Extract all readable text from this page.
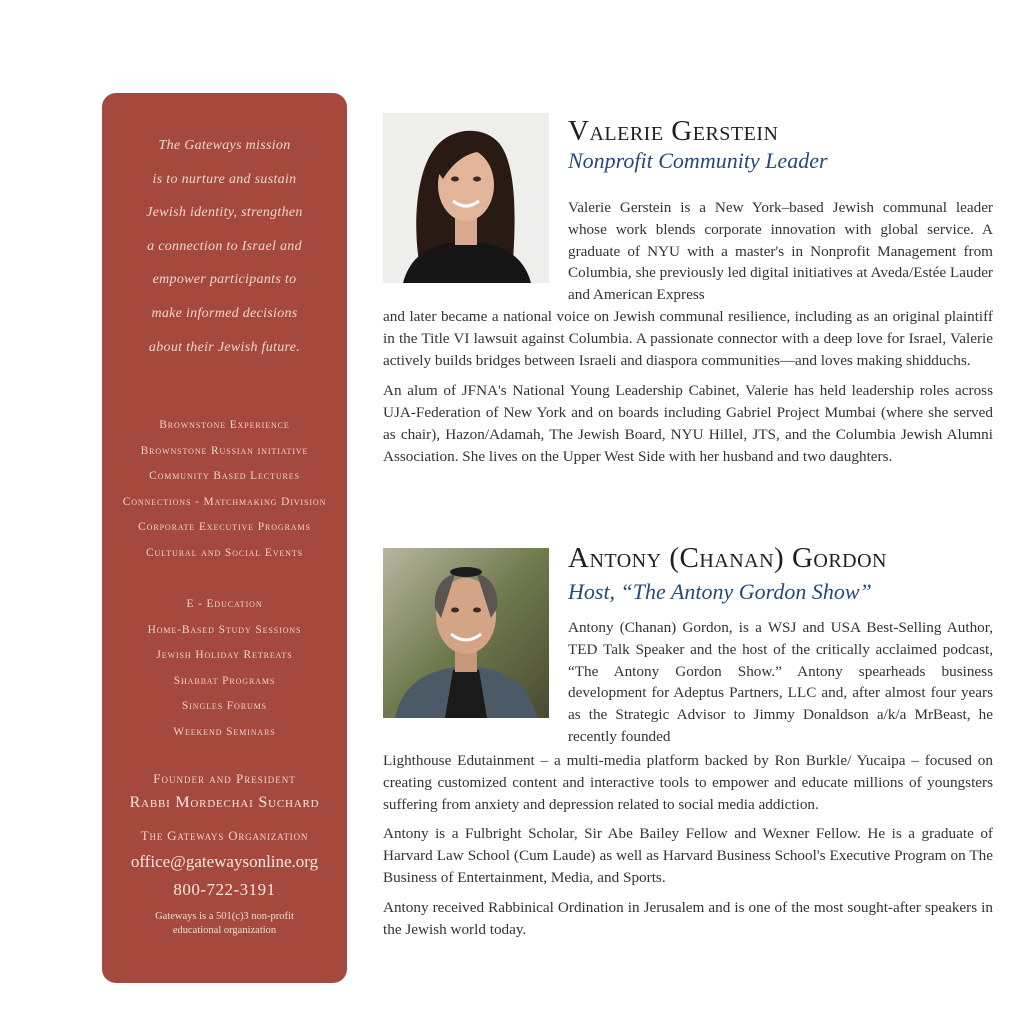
The Gateways mission
is to nurture and sustain
Jewish identity, strengthen
a connection to Israel and
empower participants to
make informed decisions
about their Jewish future.
Brownstone Experience
Brownstone Russian initiative
Community Based Lectures
Connections - Matchmaking Division
Corporate Executive Programs
Cultural and Social Events
E - Education
Home-Based Study Sessions
Jewish Holiday Retreats
Shabbat Programs
Singles Forums
Weekend Seminars
Founder and President
Rabbi Mordechai Suchard
The Gateways Organization
office@gatewaysonline.org
800-722-3191
Gateways is a 501(c)3 non-profit
educational organization
Valerie Gerstein
Nonprofit Community Leader

Valerie Gerstein is a New York–based Jewish communal leader whose work blends corporate innovation with global service. A graduate of NYU with a master's in Nonprofit Management from Columbia, she previously led digital initiatives at Aveda/Estée Lauder and American Express

and later became a national voice on Jewish communal resilience, including as an original plaintiff in the Title VI lawsuit against Columbia. A passionate connector with a deep love for Israel, Valerie actively builds bridges between Israeli and diaspora communities—and loves making shidduchs.

An alum of JFNA's National Young Leadership Cabinet, Valerie has held leadership roles across UJA-Federation of New York and on boards including Gabriel Project Mumbai (where she served as chair), Hazon/Adamah, The Jewish Board, NYU Hillel, JTS, and the Columbia Jewish Alumni Association. She lives on the Upper West Side with her husband and two daughters.

Antony (Chanan) Gordon
Host, “The Antony Gordon Show”

Antony (Chanan) Gordon, is a WSJ and USA Best-Selling Author, TED Talk Speaker and the host of the critically acclaimed podcast, “The Antony Gordon Show.” Antony spearheads business development for Adeptus Partners, LLC and, after almost four years as the Strategic Advisor to Jimmy Donaldson a/k/a MrBeast, he recently founded

Lighthouse Edutainment – a multi-media platform backed by Ron Burkle/ Yucaipa – focused on creating customized content and interactive tools to empower and educate millions of youngsters suffering from anxiety and depression related to social media addiction.

Antony is a Fulbright Scholar, Sir Abe Bailey Fellow and Wexner Fellow. He is a graduate of Harvard Law School (Cum Laude) as well as Harvard Business School's Executive Program on The Business of Entertainment, Media, and Sports.

Antony received Rabbinical Ordination in Jerusalem and is one of the most sought-after speakers in the Jewish world today.
